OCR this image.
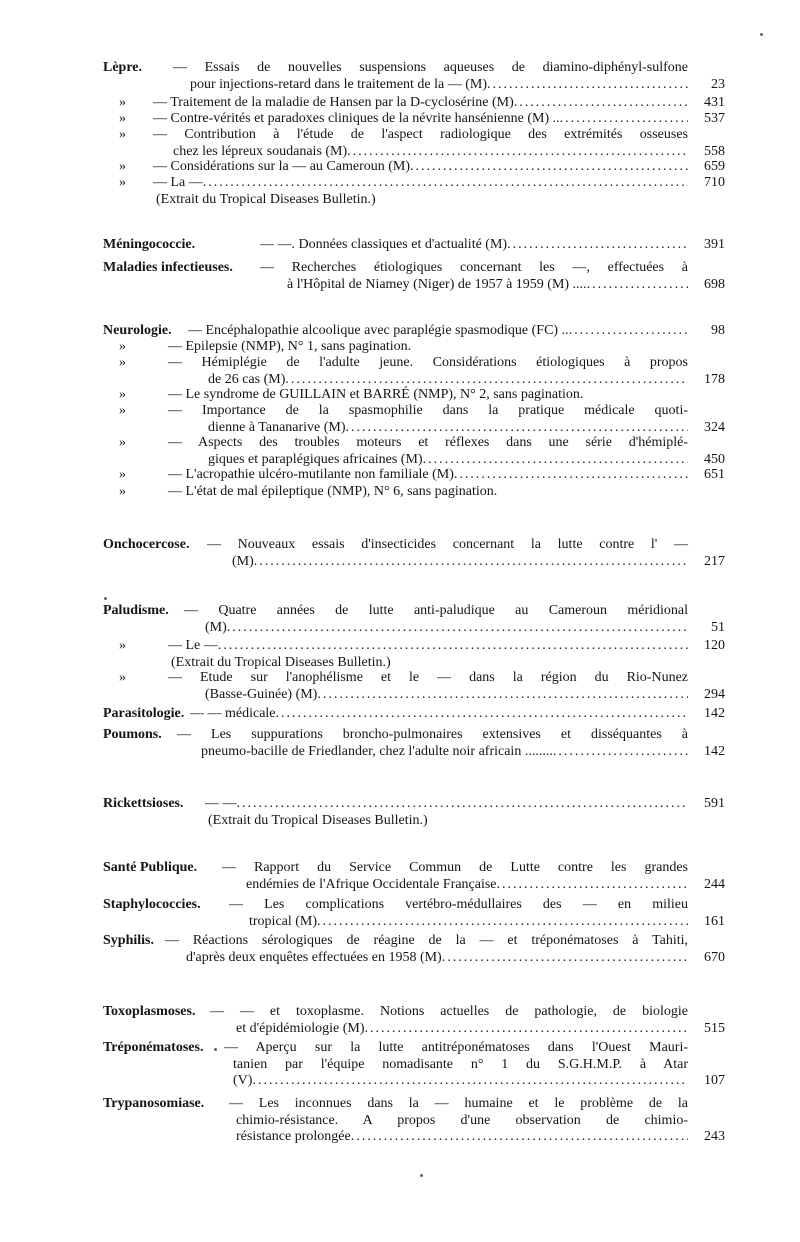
Lèpre. — Essais de nouvelles suspensions aqueuses de diamino-diphényl-sulfone
pour injections-retard dans le traitement de la — (M) .....	23
» — Traitement de la maladie de Hansen par la D-cyclosérine (M) .....	431
» — Contre-vérités et paradoxes cliniques de la névrite hansénienne (M) .. .....	537
» — Contribution à l'étude de l'aspect radiologique des extrémités osseuses
chez les lépreux soudanais (M) .....	558
» — Considérations sur la — au Cameroun (M) .....	659
» — La — .....	710
(Extrait du Tropical Diseases Bulletin.)
Méningococcie.	— —. Données classiques et d'actualité (M) .....	391
Maladies infectieuses. — Recherches étiologiques concernant les —, effectuées à
à l'Hôpital de Niamey (Niger) de 1957 à 1959 (M) .... .....	698
Neurologie. — Encéphalopathie alcoolique avec paraplégie spasmodique (FC) .. .....	98
»	— Epilepsie (NMP), N° 1, sans pagination.
»	— Hémiplégie de l'adulte jeune. Considérations étiologiques à propos
de 26 cas (M) .....	178
»	— Le syndrome de GUILLAIN et BARRÉ (NMP), N° 2, sans pagination.
»	— Importance de la spasmophilie dans la pratique médicale quoti-
dienne à Tananarive (M) .....	324
»	— Aspects des troubles moteurs et réflexes dans une série d'hémiplé-
giques et paraplégiques africaines (M) .....	450
»	— L'acropathie ulcéro-mutilante non familiale (M) .....	651
»	— L'état de mal épileptique (NMP), N° 6, sans pagination.
Onchocercose. — Nouveaux essais d'insecticides concernant la lutte contre l' —
(M) .....	217
Paludisme. — Quatre années de lutte anti-paludique au Cameroun méridional
(M) .....	51
»	— Le — .....	120
(Extrait du Tropical Diseases Bulletin.)
»	— Etude sur l'anophélisme et le — dans la région du Rio-Nunez
(Basse-Guinée) (M) .....	294
Parasitologie. — — médicale .....	142
Poumons. — Les suppurations broncho-pulmonaires extensives et disséquantes à
pneumo-bacille de Friedlander, chez l'adulte noir africain ........ .....	142
Rickettsioses. — — .....	591
(Extrait du Tropical Diseases Bulletin.)
Santé Publique. — Rapport du Service Commun de Lutte contre les grandes
endémies de l'Afrique Occidentale Française .....	244
Staphylococcies. — Les complications vertébro-médullaires des — en milieu
tropical (M) .....	161
Syphilis. — Réactions sérologiques de réagine de la — et tréponématoses à Tahiti,
d'après deux enquêtes effectuées en 1958 (M) .....	670
Toxoplasmoses. — — et toxoplasme. Notions actuelles de pathologie, de biologie
et d'épidémiologie (M) .....	515
Tréponématoses. — Aperçu sur la lutte antitréponématoses dans l'Ouest Mauri-
tanien par l'équipe nomadisante n° 1 du S.G.H.M.P. à Atar
(V) .....	107
Trypanosomiase. — Les inconnues dans la — humaine et le problème de la
chimio-résistance. A propos d'une observation de chimio-
résistance prolongée .....	243
